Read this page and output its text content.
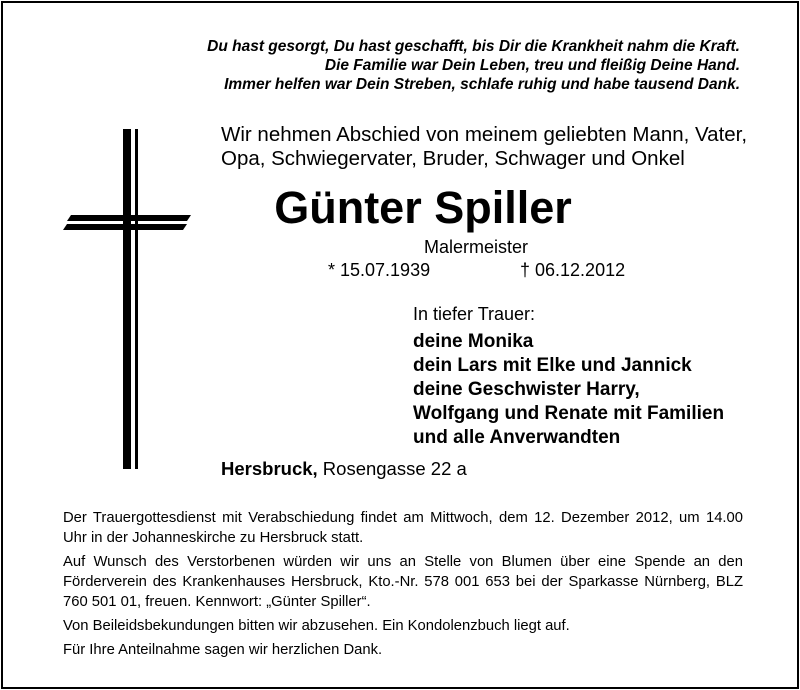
Du hast gesorgt, Du hast geschafft, bis Dir die Krankheit nahm die Kraft.
Die Familie war Dein Leben, treu und fleißig Deine Hand.
Immer helfen war Dein Streben, schlafe ruhig und habe tausend Dank.
Wir nehmen Abschied von meinem geliebten Mann, Vater,
Opa, Schwiegervater, Bruder, Schwager und Onkel
Günter Spiller
Malermeister
* 15.07.1939	† 06.12.2012
In tiefer Trauer:
deine Monika
dein Lars mit Elke und Jannick
deine Geschwister Harry,
Wolfgang und Renate mit Familien
und alle Anverwandten
Hersbruck, Rosengasse 22 a

Der Trauergottesdienst mit Verabschiedung findet am Mittwoch, dem 12. Dezember 2012, um 14.00 Uhr in der Johanneskirche zu Hersbruck statt.

Auf Wunsch des Verstorbenen würden wir uns an Stelle von Blumen über eine Spende an den Förderverein des Krankenhauses Hersbruck, Kto.-Nr. 578 001 653 bei der Sparkasse Nürnberg, BLZ 760 501 01, freuen. Kennwort: „Günter Spiller“.

Von Beileidsbekundungen bitten wir abzusehen. Ein Kondolenzbuch liegt auf.

Für Ihre Anteilnahme sagen wir herzlichen Dank.
